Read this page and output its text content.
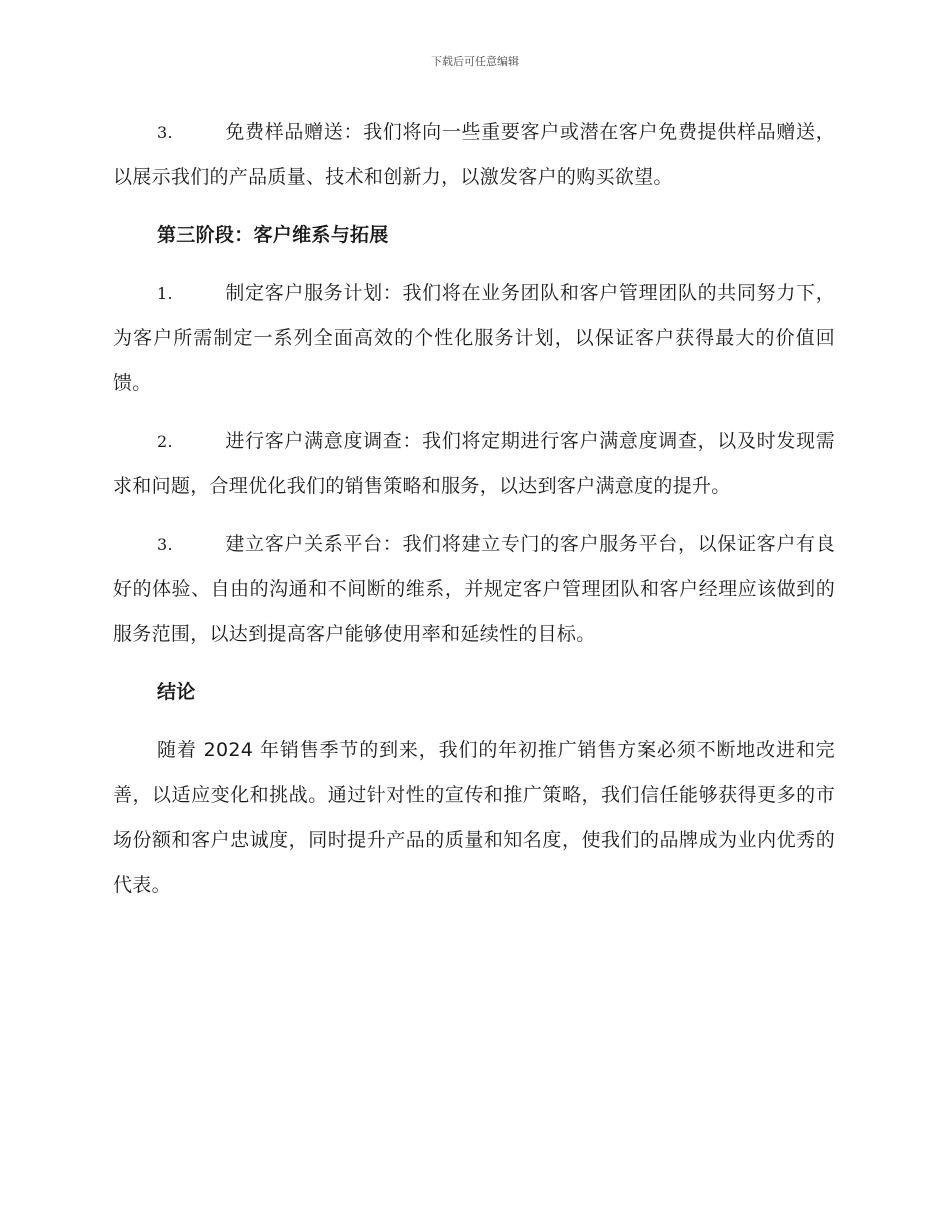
下载后可任意编辑

3.	免费样品赠送：我们将向一些重要客户或潜在客户免费提供样品赠送，以展示我们的产品质量、技术和创新力，以激发客户的购买欲望。

第三阶段：客户维系与拓展

1.	制定客户服务计划：我们将在业务团队和客户管理团队的共同努力下，为客户所需制定一系列全面高效的个性化服务计划，以保证客户获得最大的价值回馈。

2.	进行客户满意度调查：我们将定期进行客户满意度调查，以及时发现需求和问题，合理优化我们的销售策略和服务，以达到客户满意度的提升。

3.	建立客户关系平台：我们将建立专门的客户服务平台，以保证客户有良好的体验、自由的沟通和不间断的维系，并规定客户管理团队和客户经理应该做到的服务范围，以达到提高客户能够使用率和延续性的目标。

结论

随着 2024 年销售季节的到来，我们的年初推广销售方案必须不断地改进和完善，以适应变化和挑战。通过针对性的宣传和推广策略，我们信任能够获得更多的市场份额和客户忠诚度，同时提升产品的质量和知名度，使我们的品牌成为业内优秀的代表。
